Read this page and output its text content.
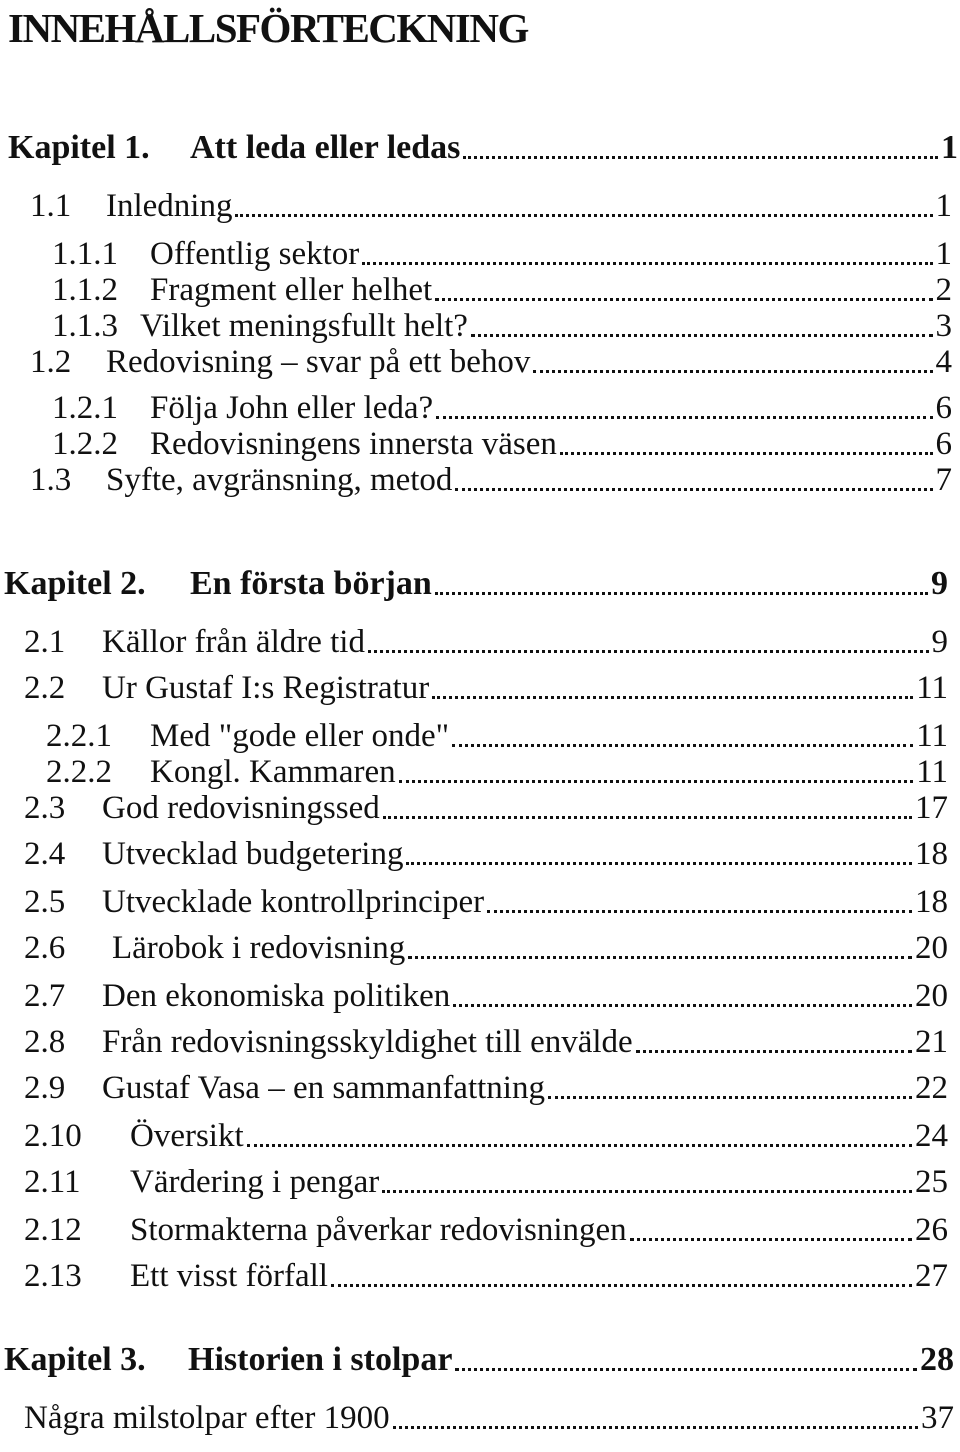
INNEHÅLLSFÖRTECKNING
Kapitel 1.	Att leda eller ledas	1
1.1	Inledning	1
1.1.1 Offentlig sektor	1
1.1.2 Fragment eller helhet	2
1.1.3 Vilket meningsfullt helt?	3
1.2	Redovisning – svar på ett behov	4
1.2.1 Följa John eller leda?	6
1.2.2 Redovisningens innersta väsen	6
1.3	Syfte, avgränsning, metod	7
Kapitel 2.	En första början	9
2.1	Källor från äldre tid	9
2.2	Ur Gustaf I:s Registratur	11
2.2.1	Med "gode eller onde"	11
2.2.2	Kongl. Kammaren	11
2.3	God redovisningssed	17
2.4	Utvecklad budgetering	18
2.5	Utvecklade kontrollprinciper	18
2.6	Lärobok i redovisning	20
2.7	Den ekonomiska politiken	20
2.8	Från redovisningsskyldighet till envälde	21
2.9	Gustaf Vasa – en sammanfattning	22
2.10	Översikt	24
2.11	Värdering i pengar	25
2.12	Stormakterna påverkar redovisningen	26
2.13	Ett visst förfall	27
Kapitel 3.	Historien i stolpar	28
Några milstolpar efter 1900	37
